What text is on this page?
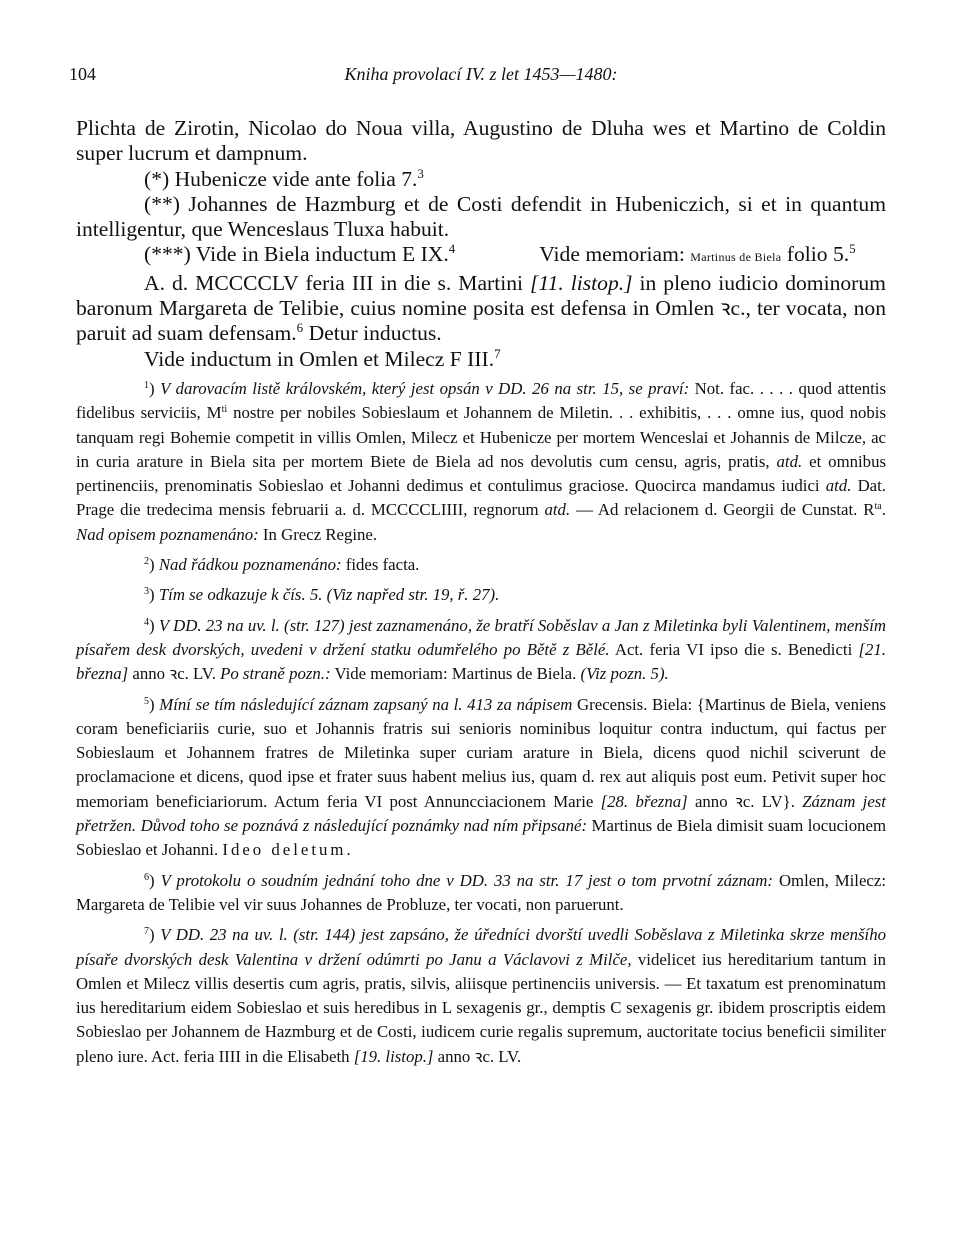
104	Kniha provolací IV. z let 1453—1480:

Plichta de Zirotin, Nicolao do Noua villa, Augustino de Dluha wes et Martino de Coldin super lucrum et dampnum.

(*) Hubenicze vide ante folia 7.$^3$

(**) Johannes de Hazmburg et de Costi defendit in Hubeniczich, si et in quantum intelligentur, que Wenceslaus Tluxa habuit.

(***) Vide in Biela inductum E IX.$^4$	Vide memoriam: Martinus de Biela folio 5.$^5$

A. d. MCCCCLV feria III in die s. Martini [11. listop.] in pleno iudicio dominorum baronum Margareta de Telibie, cuius nomine posita est defensa in Omlen ꝛc., ter vocata, non paruit ad suam defensam.$^6$ Detur inductus.

Vide inductum in Omlen et Milecz F III.$^7$

$^1$) V darovacím listě královském, který jest opsán v DD. 26 na str. 15, se praví: Not. fac. . . . . quod attentis fidelibus serviciis, $M^{ti}$ nostre per nobiles Sobieslaum et Johannem de Miletin. . . exhibitis, . . . omne ius, quod nobis tanquam regi Bohemie competit in villis Omlen, Milecz et Hubenicze per mortem Wenceslai et Johannis de Milcze, ac in curia arature in Biela sita per mortem Biete de Biela ad nos devolutis cum censu, agris, pratis, atd. et omnibus pertinenciis, prenominatis Sobieslao et Johanni dedimus et contulimus graciose. Quocirca mandamus iudici atd. Dat. Prage die tredecima mensis februarii a. d. MCCCCLIIII, regnorum atd. — Ad relacionem d. Georgii de Cunstat. $R^{ta}$. Nad opisem poznamenáno: In Grecz Regine.

$^2$) Nad řádkou poznamenáno: fides facta.

$^3$) Tím se odkazuje k čís. 5. (Viz napřed str. 19, ř. 27).

$^4$) V DD. 23 na uv. l. (str. 127) jest zaznamenáno, že bratří Soběslav a Jan z Miletinka byli Valentinem, menším písařem desk dvorských, uvedeni v držení statku odumřelého po Bětě z Bělé. Act. feria VI ipso die s. Benedicti [21. března] anno ꝛc. LV. Po straně pozn.: Vide memoriam: Martinus de Biela. (Viz pozn. 5).

$^5$) Míní se tím následující záznam zapsaný na l. 413 za nápisem Grecensis. Biela: {Martinus de Biela, veniens coram beneficiariis curie, suo et Johannis fratris sui senioris nominibus loquitur contra inductum, qui factus per Sobieslaum et Johannem fratres de Miletinka super curiam arature in Biela, dicens quod nichil sciverunt de proclamacione et dicens, quod ipse et frater suus habent melius ius, quam d. rex aut aliquis post eum. Petivit super hoc memoriam beneficiariorum. Actum feria VI post Annuncciacionem Marie [28. března] anno ꝛc. LV}. Záznam jest přetržen. Důvod toho se poznává z následující poznámky nad ním připsané: Martinus de Biela dimisit suam locucionem Sobieslao et Johanni. Ideo deletum.

$^6$) V protokolu o soudním jednání toho dne v DD. 33 na str. 17 jest o tom prvotní záznam: Omlen, Milecz: Margareta de Telibie vel vir suus Johannes de Probluze, ter vocati, non paruerunt.

$^7$) V DD. 23 na uv. l. (str. 144) jest zapsáno, že úředníci dvorští uvedli Soběslava z Miletinka skrze menšího písaře dvorských desk Valentina v držení odúmrti po Janu a Václavovi z Milče, videlicet ius hereditarium tantum in Omlen et Milecz villis desertis cum agris, pratis, silvis, aliisque pertinenciis universis. — Et taxatum est prenominatum ius hereditarium eidem Sobieslao et suis heredibus in L sexagenis gr., demptis C sexagenis gr. ibidem proscriptis eidem Sobieslao per Johannem de Hazmburg et de Costi, iudicem curie regalis supremum, auctoritate tocius beneficii similiter pleno iure. Act. feria IIII in die Elisabeth [19. listop.] anno ꝛc. LV.
